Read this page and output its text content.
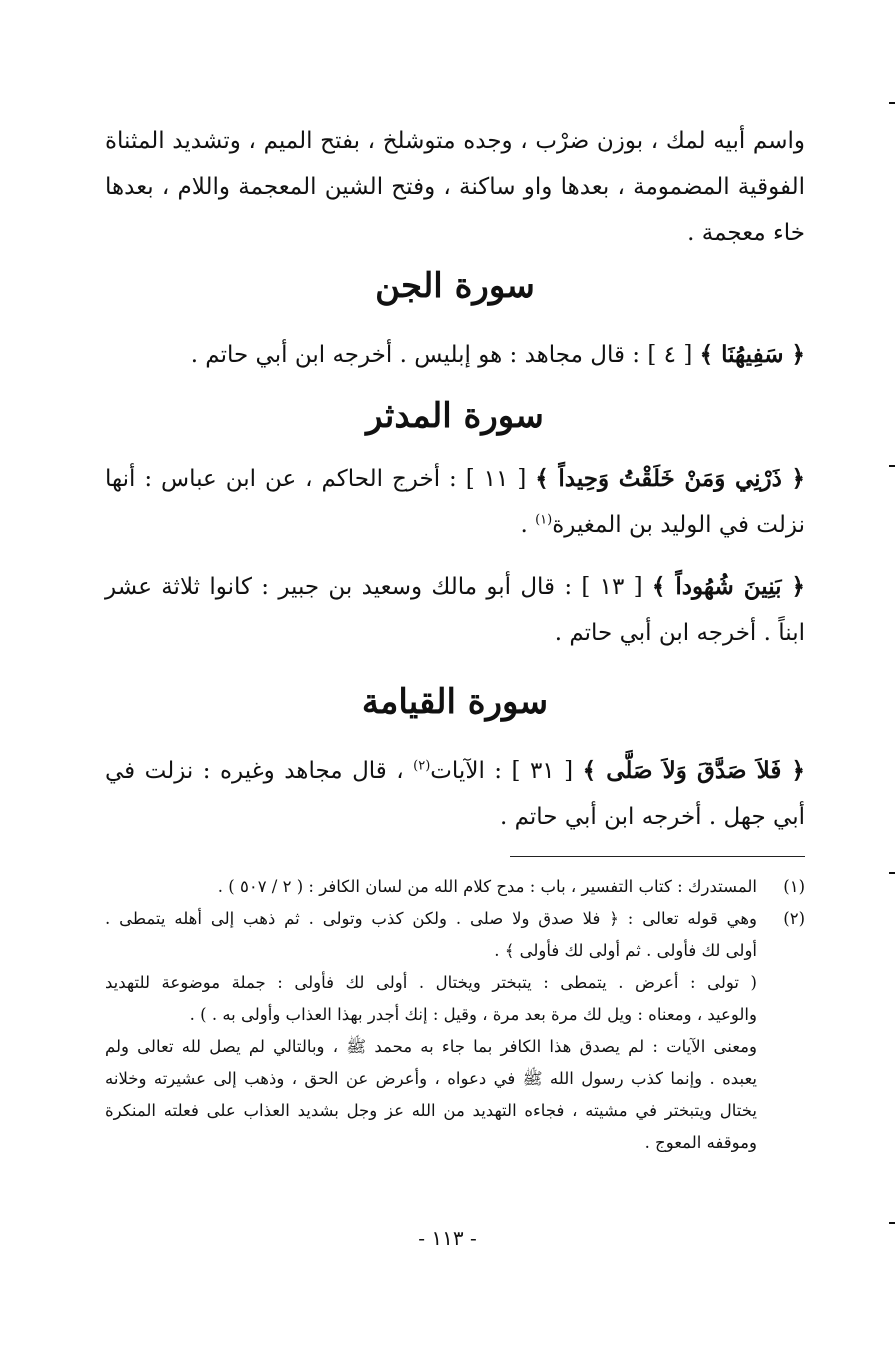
واسم أبيه لمك ، بوزن ضرْب ، وجده متوشلخ ، بفتح الميم ، وتشديد المثناة الفوقية المضمومة ، بعدها واو ساكنة ، وفتح الشين المعجمة واللام ، بعدها خاء معجمة .

سورة الجن

﴿ سَفِيهُنَا ﴾ [ ٤ ] : قال مجاهد : هو إبليس . أخرجه ابن أبي حاتم .

سورة المدثر

﴿ ذَرْنِي وَمَنْ خَلَقْتُ وَحِيداً ﴾ [ ١١ ] : أخرج الحاكم ، عن ابن عباس : أنها نزلت في الوليد بن المغيرة$^{(١)}$ .

﴿ بَنِينَ شُهُوداً ﴾ [ ١٣ ] : قال أبو مالك وسعيد بن جبير : كانوا ثلاثة عشر ابناً . أخرجه ابن أبي حاتم .

سورة القيامة

﴿ فَلاَ صَدَّقَ وَلاَ صَلَّى ﴾ [ ٣١ ] : الآيات$^{(٢)}$ ، قال مجاهد وغيره : نزلت في أبي جهل . أخرجه ابن أبي حاتم .

(١)
المستدرك : كتاب التفسير ، باب : مدح كلام الله من لسان الكافر : ( ٢ / ٥٠٧ ) .
(٢)
وهي قوله تعالى : ﴿ فلا صدق ولا صلى . ولكن كذب وتولى . ثم ذهب إلى أهله يتمطى .
أولى لك فأولى . ثم أولى لك فأولى ﴾ .
( تولى : أعرض . يتمطى : يتبختر ويختال . أولى لك فأولى : جملة موضوعة للتهديد
والوعيد ، ومعناه : ويل لك مرة بعد مرة ، وقيل : إنك أجدر بهذا العذاب وأولى به . ) .
ومعنى الآيات : لم يصدق هذا الكافر بما جاء به محمد ﷺ ، وبالتالي لم يصل لله تعالى ولم
يعبده . وإنما كذب رسول الله ﷺ في دعواه ، وأعرض عن الحق ، وذهب إلى عشيرته وخلانه
يختال ويتبختر في مشيته ، فجاءه التهديد من الله عز وجل بشديد العذاب على فعلته المنكرة
وموقفه المعوج .
- ١١٣ -
